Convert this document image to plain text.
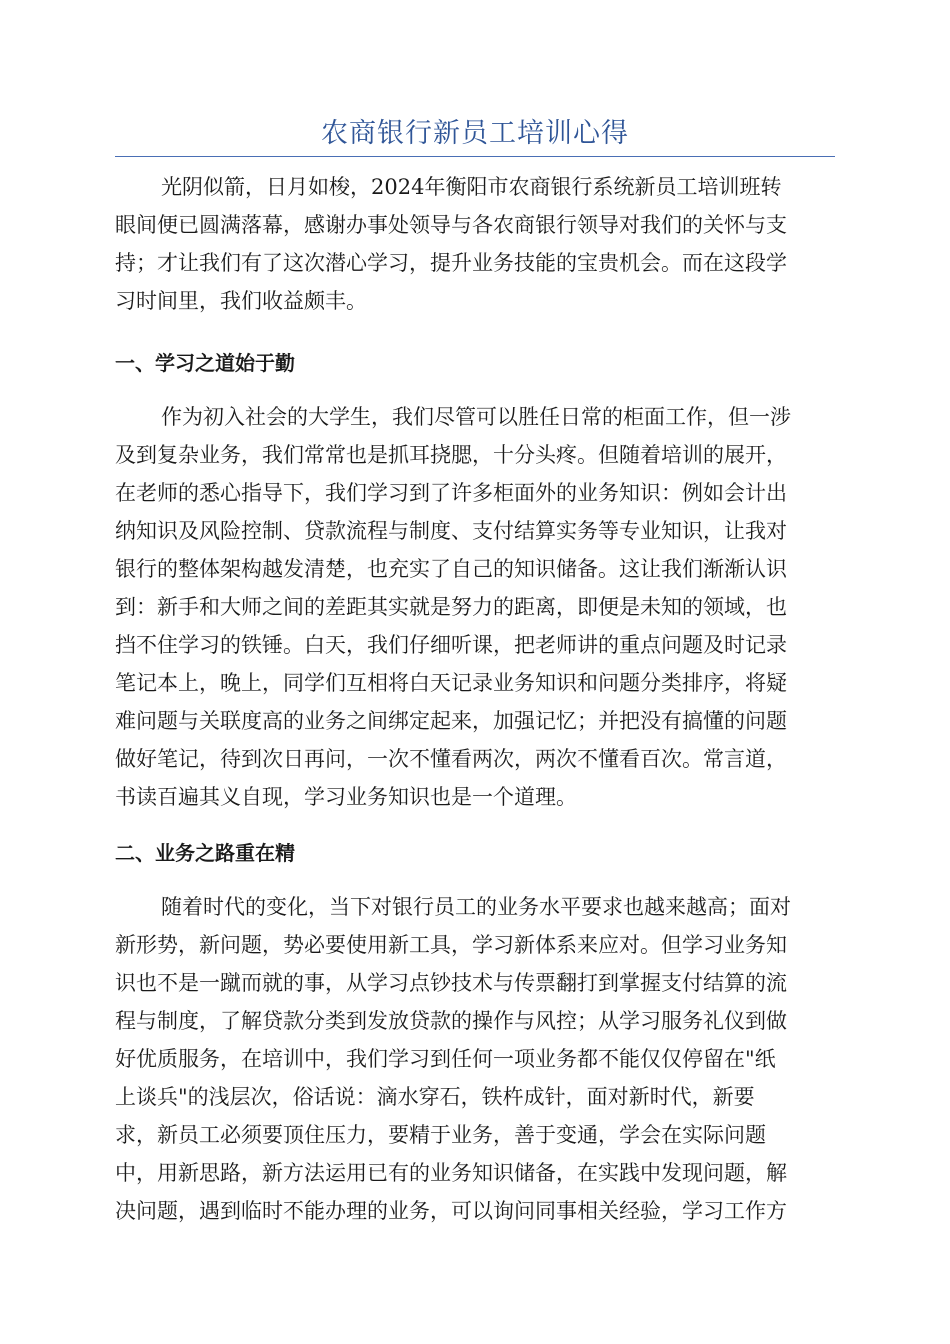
农商银行新员工培训心得
光阴似箭，日月如梭，2024年衡阳市农商银行系统新员工培训班转
眼间便已圆满落幕，感谢办事处领导与各农商银行领导对我们的关怀与支
持；才让我们有了这次潜心学习，提升业务技能的宝贵机会。而在这段学
习时间里，我们收益颇丰。
一、学习之道始于勤
作为初入社会的大学生，我们尽管可以胜任日常的柜面工作，但一涉
及到复杂业务，我们常常也是抓耳挠腮，十分头疼。但随着培训的展开，
在老师的悉心指导下，我们学习到了许多柜面外的业务知识：例如会计出
纳知识及风险控制、贷款流程与制度、支付结算实务等专业知识，让我对
银行的整体架构越发清楚，也充实了自己的知识储备。这让我们渐渐认识
到：新手和大师之间的差距其实就是努力的距离，即便是未知的领域，也
挡不住学习的铁锤。白天，我们仔细听课，把老师讲的重点问题及时记录
笔记本上，晚上，同学们互相将白天记录业务知识和问题分类排序，将疑
难问题与关联度高的业务之间绑定起来，加强记忆；并把没有搞懂的问题
做好笔记，待到次日再问，一次不懂看两次，两次不懂看百次。常言道，
书读百遍其义自现，学习业务知识也是一个道理。
二、业务之路重在精
随着时代的变化，当下对银行员工的业务水平要求也越来越高；面对
新形势，新问题，势必要使用新工具，学习新体系来应对。但学习业务知
识也不是一蹴而就的事，从学习点钞技术与传票翻打到掌握支付结算的流
程与制度，了解贷款分类到发放贷款的操作与风控；从学习服务礼仪到做
好优质服务，在培训中，我们学习到任何一项业务都不能仅仅停留在"纸
上谈兵"的浅层次，俗话说：滴水穿石，铁杵成针，面对新时代，新要
求，新员工必须要顶住压力，要精于业务，善于变通，学会在实际问题
中，用新思路，新方法运用已有的业务知识储备，在实践中发现问题，解
决问题，遇到临时不能办理的业务，可以询问同事相关经验，学习工作方
